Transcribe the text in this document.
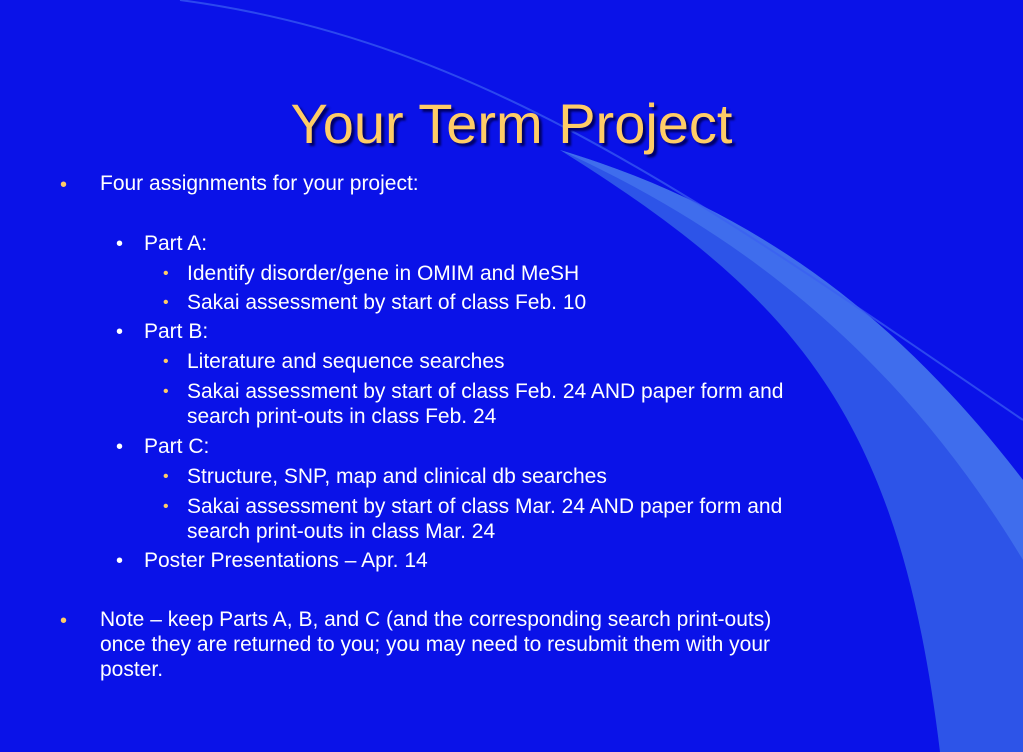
Your Term Project
• Four assignments for your project:
• Part A:
• Identify disorder/gene in OMIM and MeSH
• Sakai assessment by start of class Feb. 10
• Part B:
• Literature and sequence searches
• Sakai assessment by start of class Feb. 24 AND paper form and
search print-outs in class Feb. 24
• Part C:
• Structure, SNP, map and clinical db searches
• Sakai assessment by start of class Mar. 24 AND paper form and
search print-outs in class Mar. 24
• Poster Presentations – Apr. 14
• Note – keep Parts A, B, and C (and the corresponding search print-outs)
once they are returned to you; you may need to resubmit them with your
poster.
